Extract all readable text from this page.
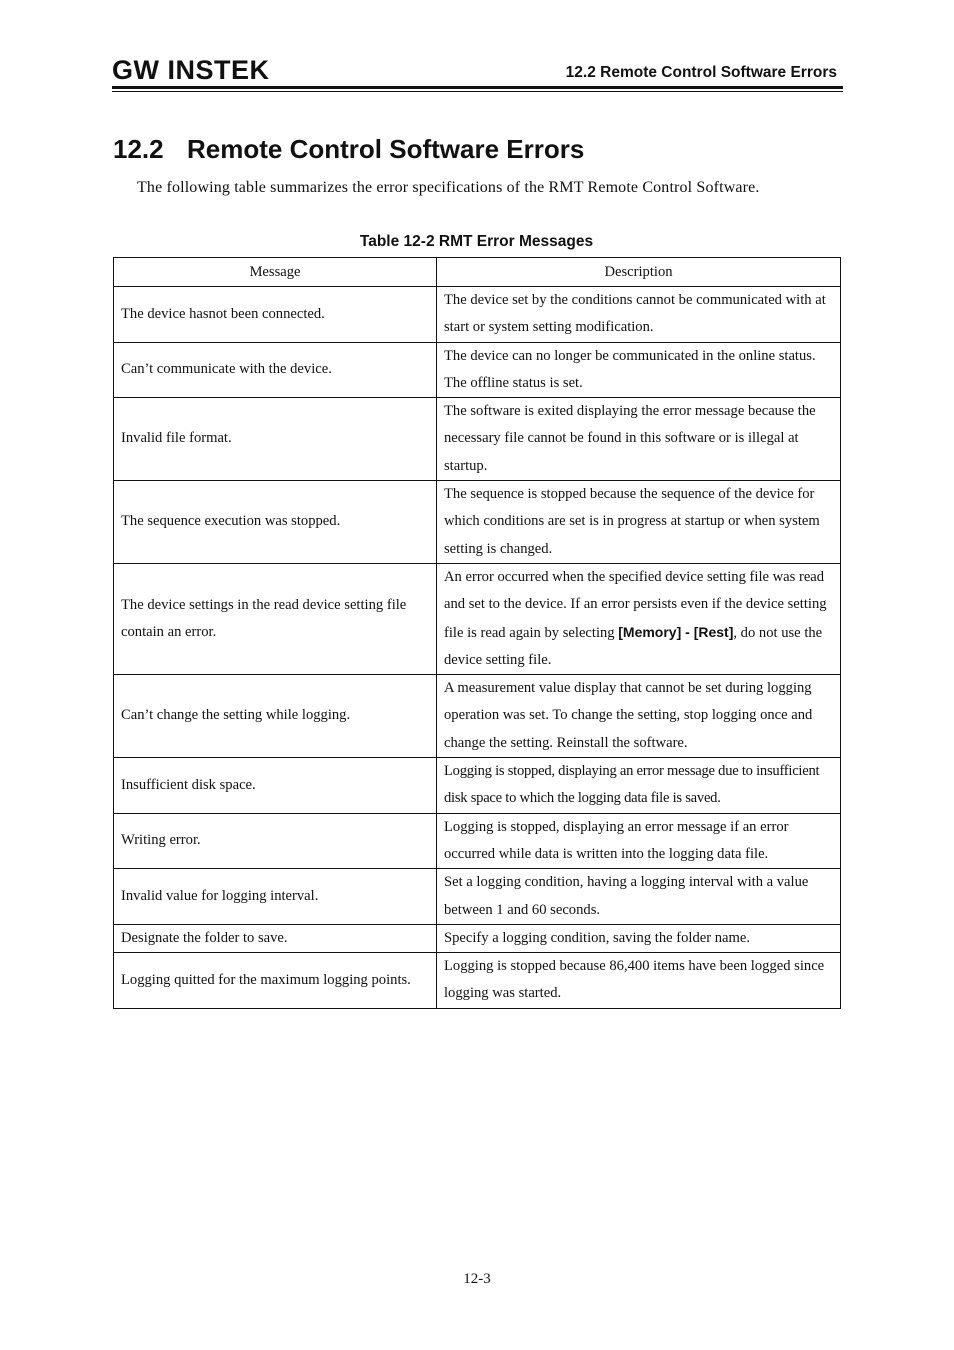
GW INSTEK	12.2 Remote Control Software Errors
12.2 Remote Control Software Errors

The following table summarizes the error specifications of the RMT Remote Control Software.

Table 12-2 RMT Error Messages
Message	Description
The device hasnot been connected.	The device set by the conditions cannot be communicated with at start or system setting modification.
Can’t communicate with the device.	The device can no longer be communicated in the online status. The offline status is set.
Invalid file format.	The software is exited displaying the error message because the necessary file cannot be found in this software or is illegal at startup.
The sequence execution was stopped.	The sequence is stopped because the sequence of the device for which conditions are set is in progress at startup or when system setting is changed.
The device settings in the read device setting file contain an error.	An error occurred when the specified device setting file was read and set to the device. If an error persists even if the device setting file is read again by selecting [Memory] - [Rest], do not use the device setting file.
Can’t change the setting while logging.	A measurement value display that cannot be set during logging operation was set. To change the setting, stop logging once and change the setting. Reinstall the software.
Insufficient disk space.	Logging is stopped, displaying an error message due to insufficient disk space to which the logging data file is saved.
Writing error.	Logging is stopped, displaying an error message if an error occurred while data is written into the logging data file.
Invalid value for logging interval.	Set a logging condition, having a logging interval with a value between 1 and 60 seconds.
Designate the folder to save.	Specify a logging condition, saving the folder name.
Logging quitted for the maximum logging points.	Logging is stopped because 86,400 items have been logged since logging was started.
12-3
